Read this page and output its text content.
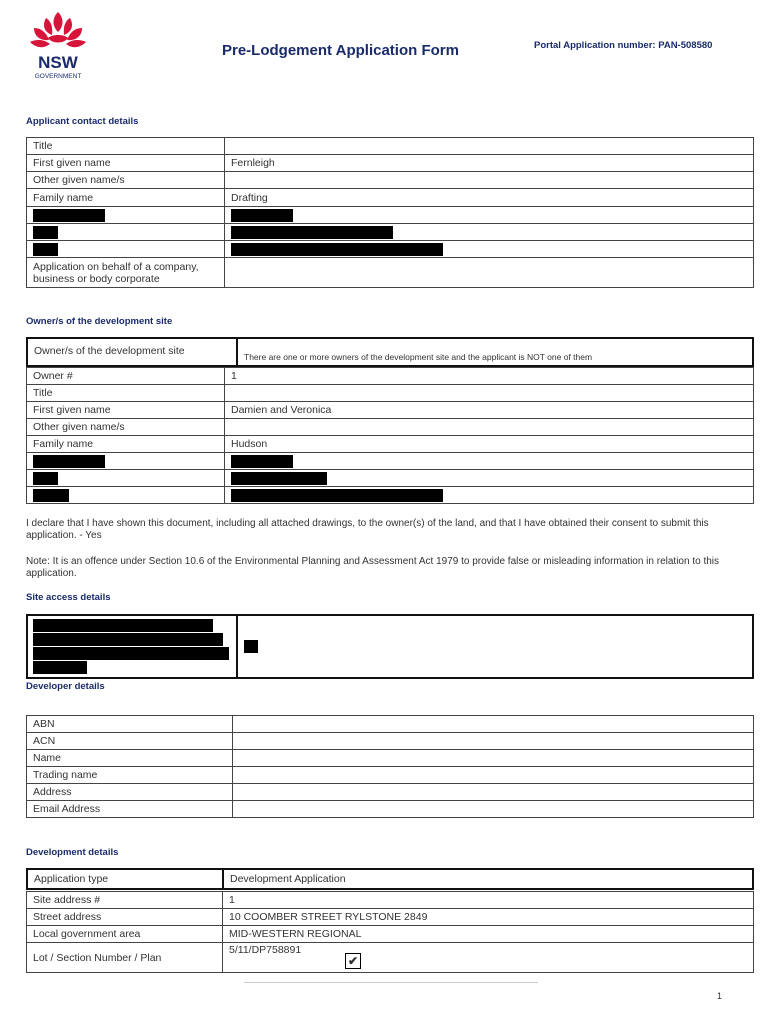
NSW
GOVERNMENT
Pre-Lodgement Application Form	Portal Application number: PAN-508580
Applicant contact details
Title	
First given name	Fernleigh
Other given name/s	
Family name	Drafting

Application on behalf of a company, business or body corporate	
Owner/s of the development site
Owner/s of the development site	There are one or more owners of the development site and the applicant is NOT one of them
Owner #	1
Title	
First given name	Damien and Veronica
Other given name/s	
Family name	Hudson

I declare that I have shown this document, including all attached drawings, to the owner(s) of the land, and that I have obtained their consent to submit this application. - Yes
Note: It is an offence under Section 10.6 of the Environmental Planning and Assessment Act 1979 to provide false or misleading information in relation to this application.
Site access details

Developer details
ABN	
ACN	
Name	
Trading name	
Address	
Email Address	
Development details
Application type	Development Application
Site address #	1
Street address	10 COOMBER STREET RYLSTONE 2849
Local government area	MID-WESTERN REGIONAL
Lot / Section Number / Plan	5/11/DP758891
✔
1
